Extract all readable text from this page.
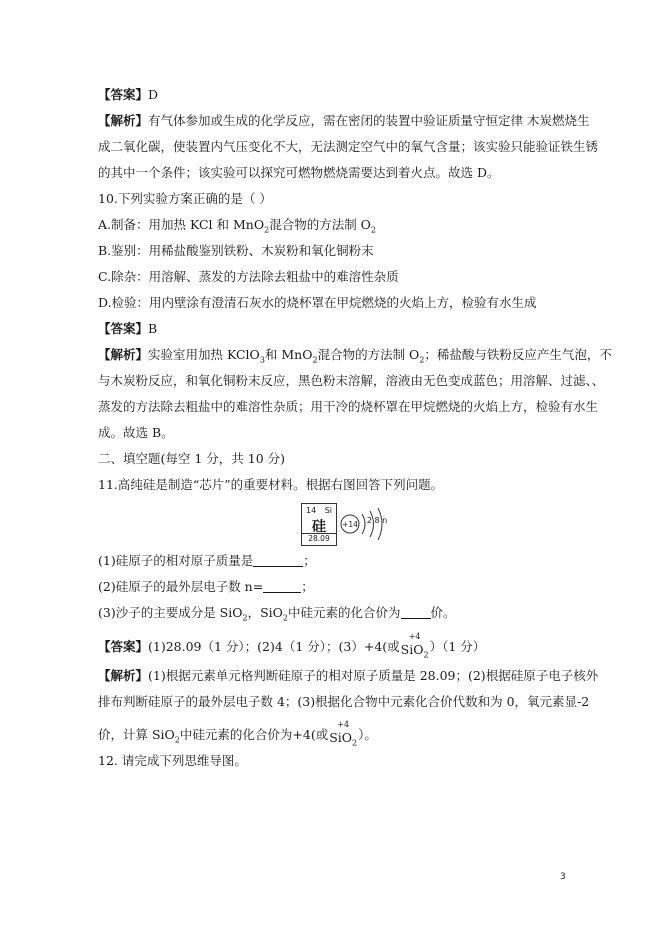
【答案】D
【解析】有气体参加或生成的化学反应，需在密闭的装置中验证质量守恒定律 木炭燃烧生
成二氧化碳，使装置内气压变化不大，无法测定空气中的氧气含量；该实验只能验证铁生锈
的其中一个条件；该实验可以探究可燃物燃烧需要达到着火点。故选 D。
10.下列实验方案正确的是（ ）
A.制备：用加热 KCl 和 MnO$_2$混合物的方法制 $O_2$
B.鉴别：用稀盐酸鉴别铁粉、木炭粉和氧化铜粉末
C.除杂：用溶解、蒸发的方法除去粗盐中的难溶性杂质
D.检验：用内壁涂有澄清石灰水的烧杯罩在甲烷燃烧的火焰上方，检验有水生成
【答案】B
【解析】实验室用加热 KClO$_3$和 MnO$_2$混合物的方法制 $O_2$；稀盐酸与铁粉反应产生气泡，不
与木炭粉反应，和氧化铜粉末反应，黑色粉末溶解，溶液由无色变成蓝色；用溶解、过滤、、
蒸发的方法除去粗盐中的难溶性杂质；用干冷的烧杯罩在甲烷燃烧的火焰上方，检验有水生
成。故选 B。
二、填空题(每空 1 分，共 10 分)
11.高纯硅是制造“芯片”的重要材料。根据右图回答下列问题。
14 Si
硅
28.09
+14 2 8 n
(1)硅原子的相对原子质量是	；
(2)硅原子的最外层电子数 n=	；
(3)沙子的主要成分是 SiO$_2$，SiO$_2$中硅元素的化合价为 价。
【答案】(1)28.09（1 分）；(2)4（1 分）；(3）+4(或
+4
SiO$_2$）（1 分）
【解析】(1)根据元素单元格判断硅原子的相对原子质量是 28.09；(2)根据硅原子电子核外
排布判断硅原子的最外层电子数 4；(3)根据化合物中元素化合价代数和为 0，氧元素显-2
价，计算 SiO$_2$中硅元素的化合价为+4(或
+4
SiO$_2$）。
12. 请完成下列思维导图。
3
